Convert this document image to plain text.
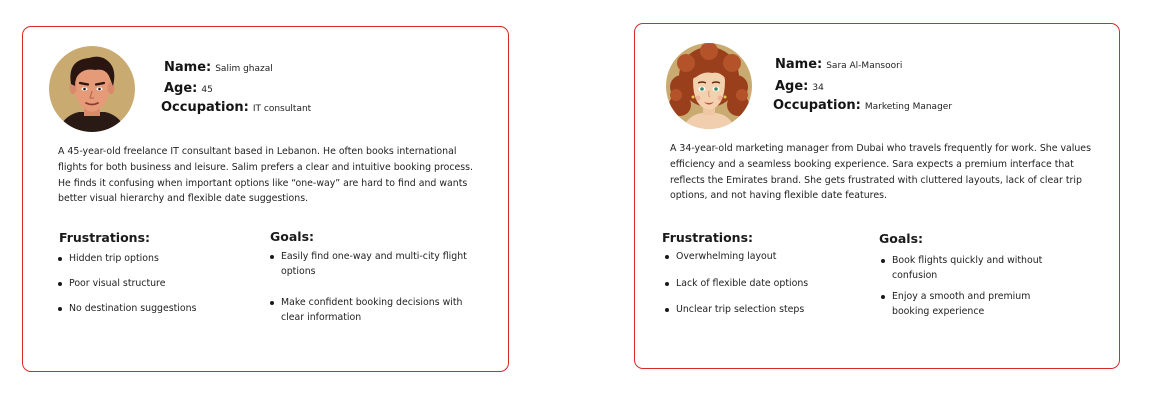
Name: Salim ghazal
Age: 45
Occupation: IT consultant

A 45-year-old freelance IT consultant based in Lebanon. He often books international flights for both business and leisure. Salim prefers a clear and intuitive booking process. He finds it confusing when important options like “one-way” are hard to find and wants better visual hierarchy and flexible date suggestions.

Frustrations:
Hidden trip options
Poor visual structure
No destination suggestions
Goals:
Easily find one-way and multi-city flight options
Make confident booking decisions with clear information
Name: Sara Al-Mansoori
Age: 34
Occupation: Marketing Manager

A 34-year-old marketing manager from Dubai who travels frequently for work. She values efficiency and a seamless booking experience. Sara expects a premium interface that reflects the Emirates brand. She gets frustrated with cluttered layouts, lack of clear trip options, and not having flexible date features.

Frustrations:
Overwhelming layout
Lack of flexible date options
Unclear trip selection steps
Goals:
Book flights quickly and without confusion
Enjoy a smooth and premium booking experience
